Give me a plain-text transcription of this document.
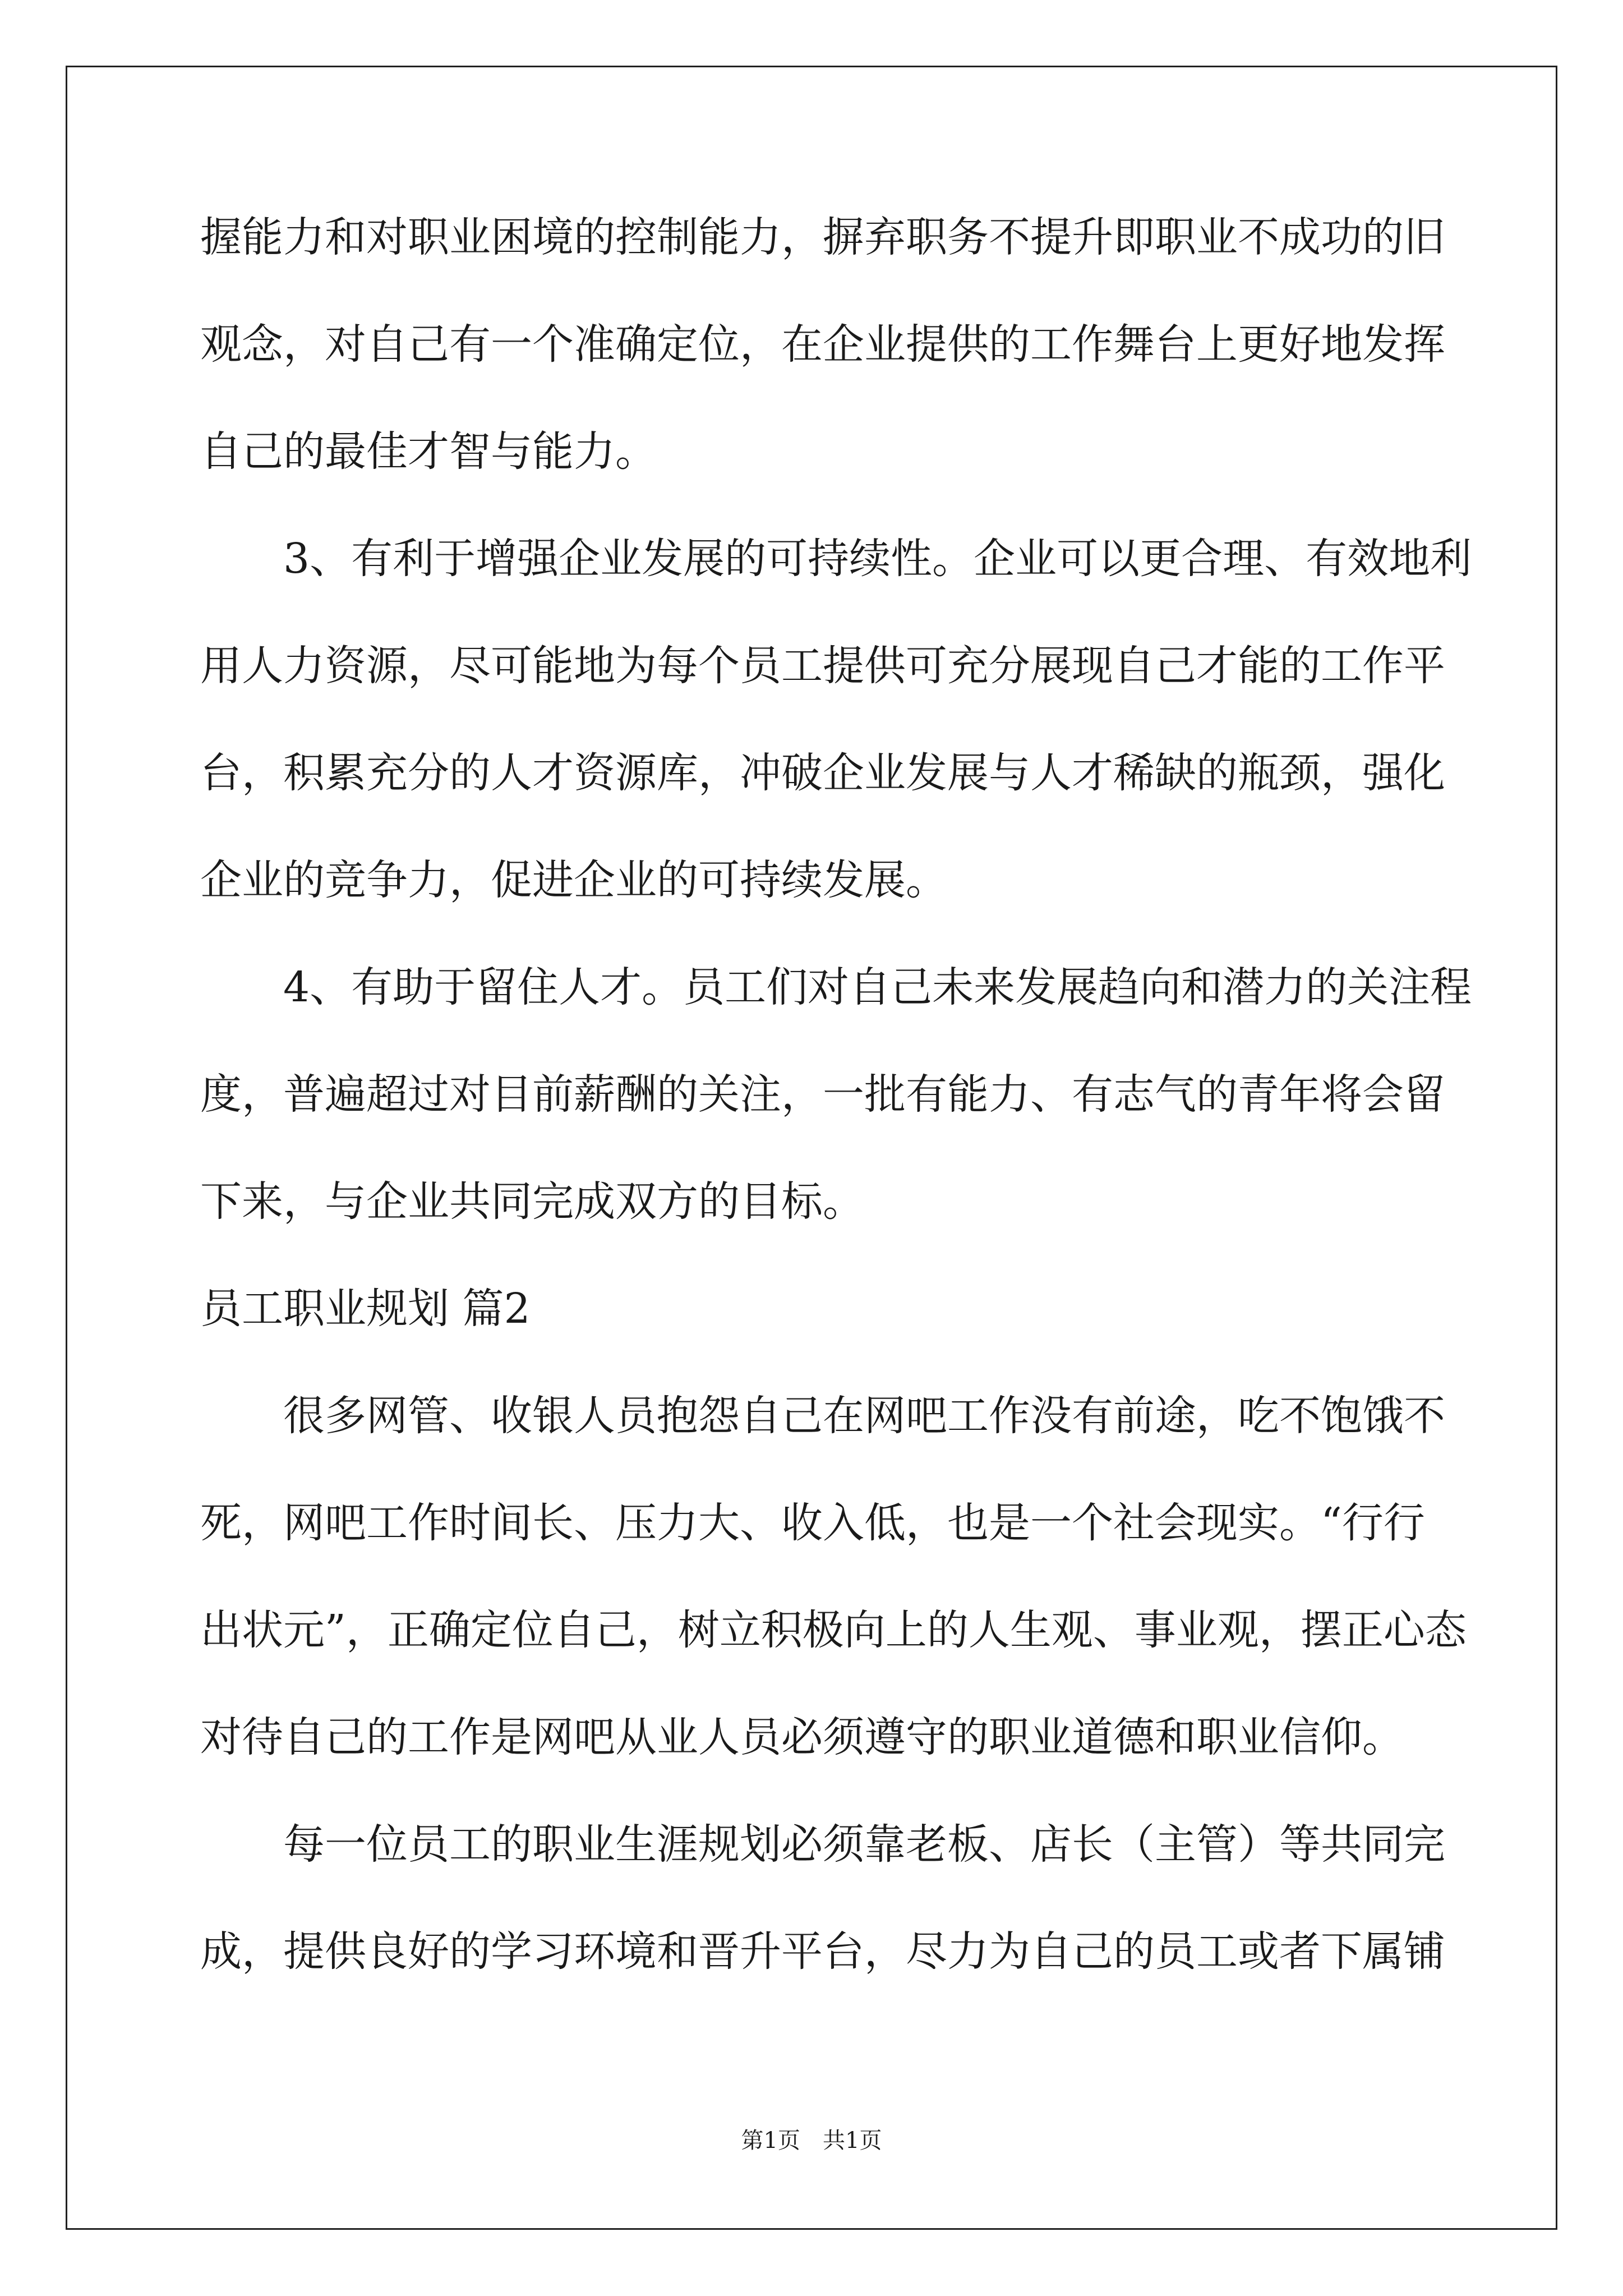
握能力和对职业困境的控制能力，摒弃职务不提升即职业不成功的旧
观念，对自己有一个准确定位，在企业提供的工作舞台上更好地发挥
自己的最佳才智与能力。
　　3、有利于增强企业发展的可持续性。企业可以更合理、有效地利
用人力资源，尽可能地为每个员工提供可充分展现自己才能的工作平
台，积累充分的人才资源库，冲破企业发展与人才稀缺的瓶颈，强化
企业的竞争力，促进企业的可持续发展。
　　4、有助于留住人才。员工们对自己未来发展趋向和潜力的关注程
度，普遍超过对目前薪酬的关注，一批有能力、有志气的青年将会留
下来，与企业共同完成双方的目标。
员工职业规划 篇2
　　很多网管、收银人员抱怨自己在网吧工作没有前途，吃不饱饿不
死，网吧工作时间长、压力大、收入低，也是一个社会现实。“行行
出状元”，正确定位自己，树立积极向上的人生观、事业观，摆正心态
对待自己的工作是网吧从业人员必须遵守的职业道德和职业信仰。
　　每一位员工的职业生涯规划必须靠老板、店长（主管）等共同完
成，提供良好的学习环境和晋升平台，尽力为自己的员工或者下属铺
第1页　共1页
